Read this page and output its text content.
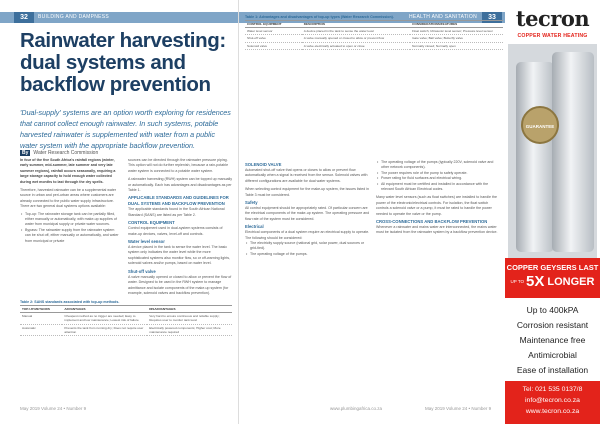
32	BUILDING AND DAMPNESS
Rainwater harvesting: dual systems and backflow prevention

'Dual-supply' systems are an option worth exploring for residences that cannot collect enough rainwater. In such systems, potable harvested rainwater is supplemented with water from a public water system with the appropriate backflow prevention.

By Water Research Commission

In four of the five South Africa's rainfall regions (winter, early summer, mid-summer, late summer and very late summer regions), rainfall occurs seasonally, requiring a large storage capacity to hold enough water collected during wet months to last through the dry spells.

Therefore, harvested rainwater can be a supplemental water source in urban and peri-urban areas where customers are already connected to the public water supply infrastructure. There are two general dual systems options available:

• Top-up: The rainwater storage tank can be partially filled, either manually or automatically, with make-up supplies of water from municipal supply or private water sources.

• Bypass: The rainwater supply from the rainwater system can be shut off, either manually or automatically, and water from municipal or private

sources can be directed through the rainwater pressure piping. This option will not do further replenish, because a rain-potable water system is connected to a potable water system.

A rainwater harvesting (RWH) system can be topped up manually or automatically. Each has advantages and disadvantages as per Table 1.

APPLICABLE STANDARDS AND GUIDELINES FOR DUAL SYSTEMS AND BACKFLOW PREVENTION

The applicable standards found in the South African National Standard (SANS) are listed as per Table 2.

CONTROL EQUIPMENT

Control equipment used in dual-system systems consists of make-up devices, valves, level-off and controls.

Water level sensor

A device placed in the tank to sense the water level. The basic system only indicates the water level while the more sophisticated systems also monitor flow, so or off-warning lights, solenoid valves and/or pumps, based on water level.

Shut-off valve

A valve manually opened or closed to allow or prevent the flow of water. Designed to be used in the RWH system to manage admittance and isolate components of the make-up system (for example, solenoid valves and backflow prevention).

Table 2: SANS standards associated with top-up methods.

TOP-UP METHODS	ADVANTAGES	DISADVANTAGES
Manual	Cheapest method as no trigger are needed; Easy to implement and low maintenance; Lowest risk of failure	Very hard to ensure continuous and reliable supply; Requires user to monitor tank level
Automatic	Prevents the tank from running dry; Does not require user attention	Electrically powered components; Higher cost; More maintenance required
May 2019 Volume 24 • Number 9
HEALTH AND SANITATION	33

Table 1: Advantages and disadvantages of top-up types (Water Research Commission).

CONTROL EQUIPMENT	DESCRIPTION	CONSIDERATIONS/FEATURES
Water level sensor	A device placed in the tank to sense the water level	Float switch; Ultrasonic level sensor; Pressure level sensor
Shut-off valve	A valve manually opened or closed to allow or prevent flow	Gate valve; Ball valve; Butterfly valve
Solenoid valve	A valve electrically actuated to open or close	Normally closed; Normally open

SOLENOID VALVE

Automated shut-off valve that opens or closes to allow or prevent flow automatically when a signal is received from the sensor. Solenoid valves with different configurations are available for dual water systems.

When selecting control equipment for the make-up system, the issues listed in Table 3 must be considered.

Safety

All control equipment should be appropriately rated. Of particular concern are the electrical components of the make-up system. The operating pressure and flow rate of the system must be considered.

Electrical

Electrical components of a dual system require an electrical supply to operate. The following should be considered:

• The electricity supply source (national grid, solar power, dual sources or grid-tied).

• The operating voltage of the pumps.

• The operating voltage of the pumps (typically 220V, solenoid valve and other network components).

• The power requires role of the pump to safely operate.

• Power rating for fluid surfaces and electrical wiring.

• All equipment must be certified and installed in accordance with the relevant South African Electrical codes.

Many water level sensors (such as float switches) are installed to handle the power of the electronic/electrical controls. For isolation, the float switch controls a solenoid valve or a pump, it must be rated to handle the power needed to operate the valve or the pump.

CROSS-CONNECTIONS AND BACKFLOW PREVENTION

Whenever a rainwater and mains water are interconnected, the mains water must be isolated from the rainwater system by a backflow prevention device.

www.plumbingafrica.co.za	May 2019 Volume 24 • Number 9
tecron
COPPER WATER HEATING
GUARANTEE
COPPER GEYSERS LAST
UP TO 5X LONGER
Up to 400kPA
Corrosion resistant
Maintenance free
Antimicrobial
Ease of installation
Tel: 021 535 0137/8
info@tecron.co.za
www.tecron.co.za
